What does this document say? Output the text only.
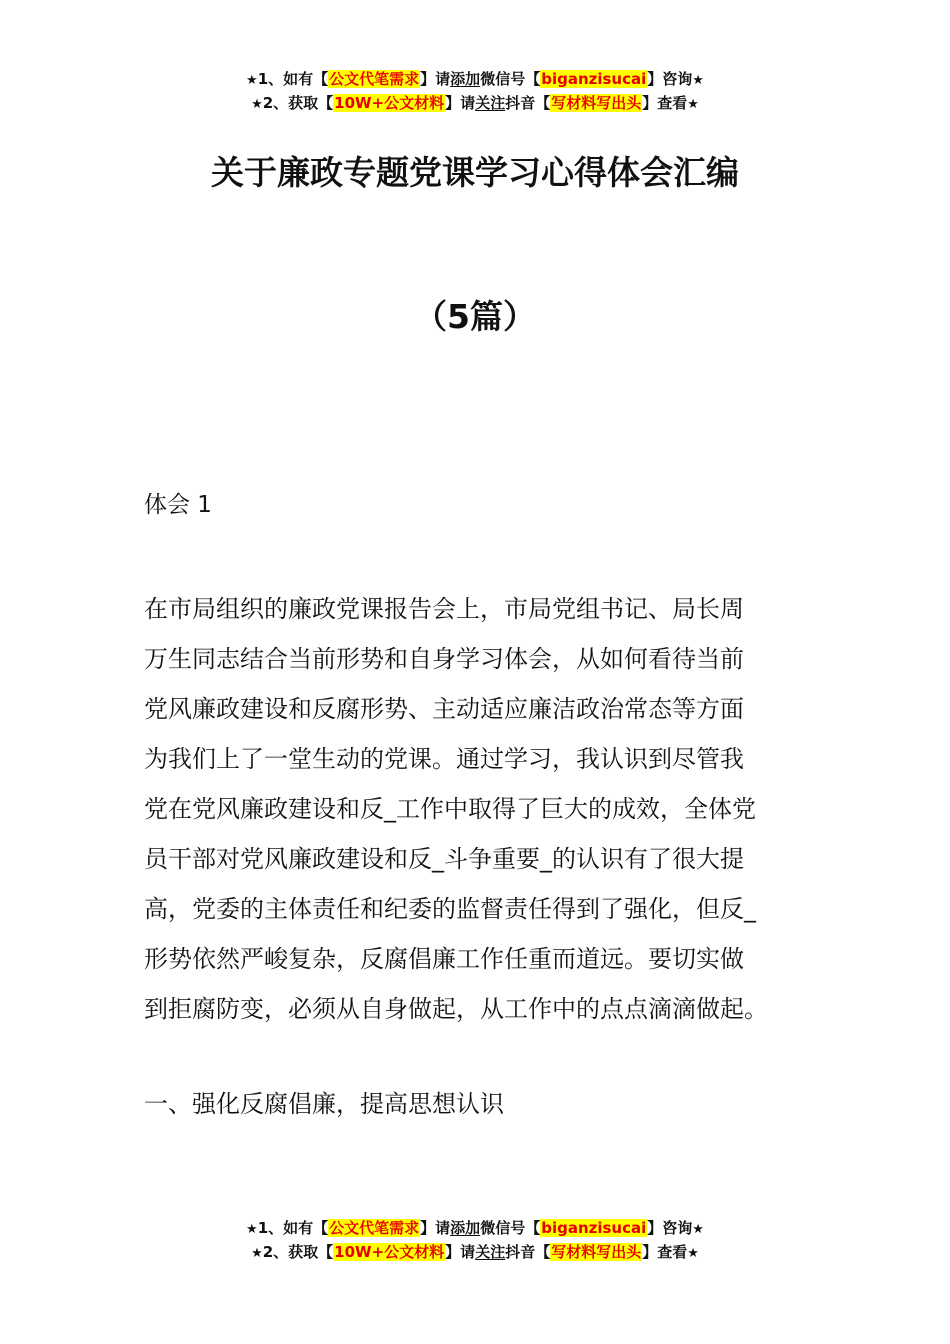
★1、如有【公文代笔需求】请添加微信号【biganzisucai】咨询★
★2、获取【10W+公文材料】请关注抖音【写材料写出头】查看★
关于廉政专题党课学习心得体会汇编
（5篇）
体会 1
在市局组织的廉政党课报告会上，市局党组书记、局长周
万生同志结合当前形势和自身学习体会，从如何看待当前
党风廉政建设和反腐形势、主动适应廉洁政治常态等方面
为我们上了一堂生动的党课。通过学习，我认识到尽管我
党在党风廉政建设和反_工作中取得了巨大的成效，全体党
员干部对党风廉政建设和反_斗争重要_的认识有了很大提
高，党委的主体责任和纪委的监督责任得到了强化，但反_
形势依然严峻复杂，反腐倡廉工作任重而道远。要切实做
到拒腐防变，必须从自身做起，从工作中的点点滴滴做起。
一、强化反腐倡廉，提高思想认识
★1、如有【公文代笔需求】请添加微信号【biganzisucai】咨询★
★2、获取【10W+公文材料】请关注抖音【写材料写出头】查看★
